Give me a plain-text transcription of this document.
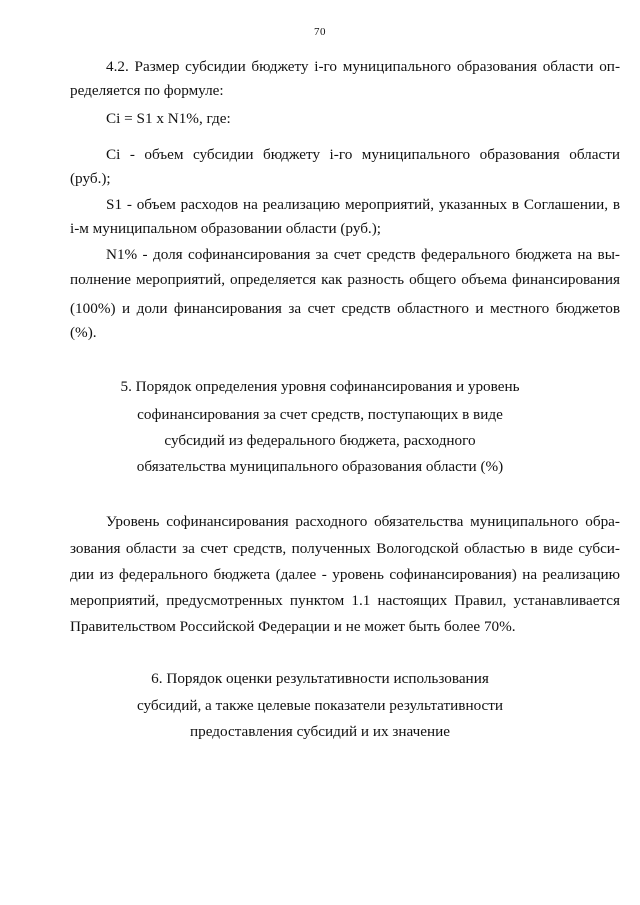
70
4.2. Размер субсидии бюджету i-го муниципального образования области оп-
ределяется по формуле:
Ci = S1 х N1%, где:
Ci - объем субсидии бюджету i-го муниципального образования области
(руб.);
S1 - объем расходов на реализацию мероприятий, указанных в Соглашении, в
i-м муниципальном образовании области (руб.);
N1% - доля софинансирования за счет средств федерального бюджета на вы-
полнение мероприятий, определяется как разность общего объема финансирования
(100%) и доли финансирования за счет средств областного и местного бюджетов
(%).
5. Порядок определения уровня софинансирования и уровень
софинансирования за счет средств, поступающих в виде
субсидий из федерального бюджета, расходного
обязательства муниципального образования области (%)
Уровень софинансирования расходного обязательства муниципального обра-
зования области за счет средств, полученных Вологодской областью в виде субси-
дии из федерального бюджета (далее - уровень софинансирования) на реализацию
мероприятий, предусмотренных пунктом 1.1 настоящих Правил, устанавливается
Правительством Российской Федерации и не может быть более 70%.
6. Порядок оценки результативности использования
субсидий, а также целевые показатели результативности
предоставления субсидий и их значение
